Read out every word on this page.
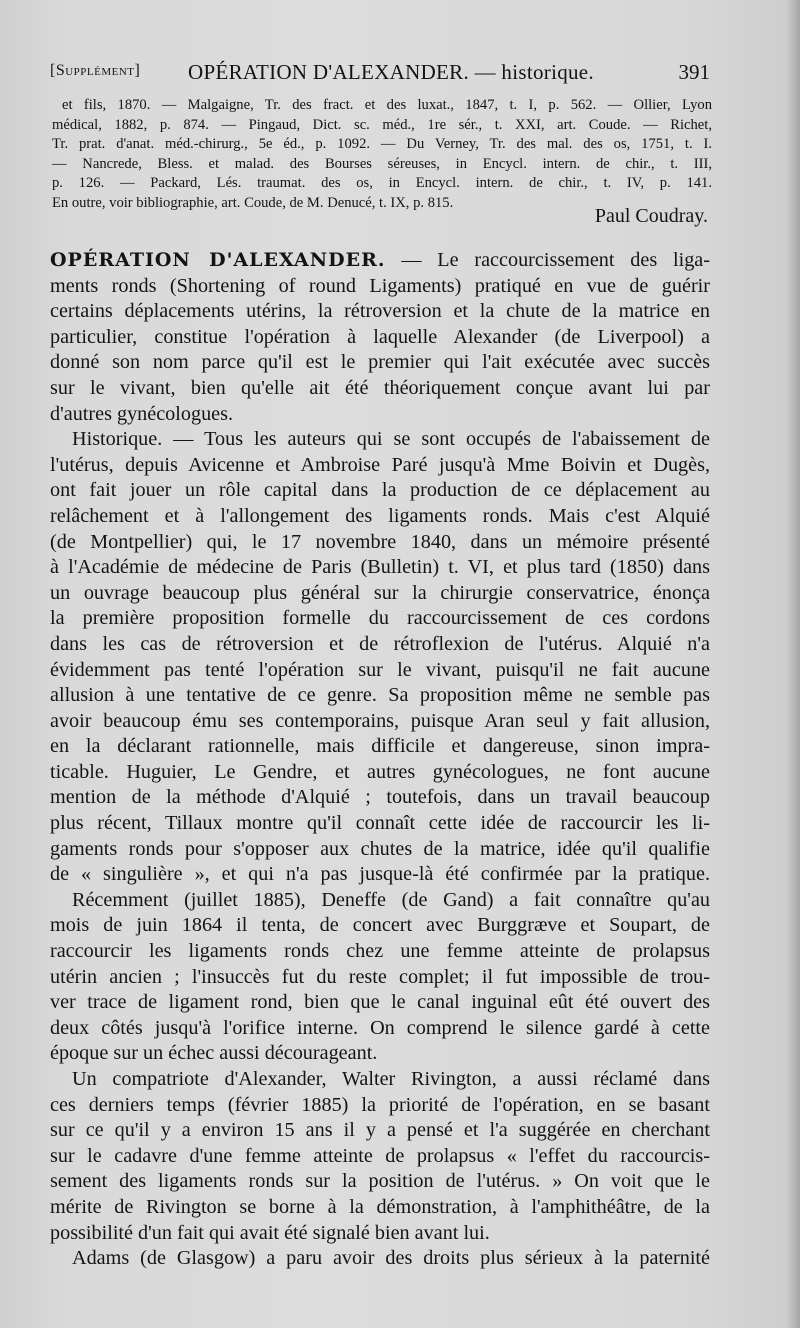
[Supplément] OPÉRATION D'ALEXANDER. — historique.	391
et fils, 1870. — Malgaigne, Tr. des fract. et des luxat., 1847, t. I, p. 562. — Ollier, Lyon
médical, 1882, p. 874. — Pingaud, Dict. sc. méd., 1re sér., t. XXI, art. Coude. — Richet,
Tr. prat. d'anat. méd.-chirurg., 5e éd., p. 1092. — Du Verney, Tr. des mal. des os, 1751, t. I.
— Nancrede, Bless. et malad. des Bourses séreuses, in Encycl. intern. de chir., t. III,
p. 126. — Packard, Lés. traumat. des os, in Encycl. intern. de chir., t. IV, p. 141.
En outre, voir bibliographie, art. Coude, de M. Denucé, t. IX, p. 815.
Paul Coudray.
OPÉRATION D'ALEXANDER. — Le raccourcissement des liga-
ments ronds (Shortening of round Ligaments) pratiqué en vue de guérir
certains déplacements utérins, la rétroversion et la chute de la matrice en
particulier, constitue l'opération à laquelle Alexander (de Liverpool) a
donné son nom parce qu'il est le premier qui l'ait exécutée avec succès
sur le vivant, bien qu'elle ait été théoriquement conçue avant lui par
d'autres gynécologues.
Historique. — Tous les auteurs qui se sont occupés de l'abaissement de
l'utérus, depuis Avicenne et Ambroise Paré jusqu'à Mme Boivin et Dugès,
ont fait jouer un rôle capital dans la production de ce déplacement au
relâchement et à l'allongement des ligaments ronds. Mais c'est Alquié
(de Montpellier) qui, le 17 novembre 1840, dans un mémoire présenté
à l'Académie de médecine de Paris (Bulletin) t. VI, et plus tard (1850) dans
un ouvrage beaucoup plus général sur la chirurgie conservatrice, énonça
la première proposition formelle du raccourcissement de ces cordons
dans les cas de rétroversion et de rétroflexion de l'utérus. Alquié n'a
évidemment pas tenté l'opération sur le vivant, puisqu'il ne fait aucune
allusion à une tentative de ce genre. Sa proposition même ne semble pas
avoir beaucoup ému ses contemporains, puisque Aran seul y fait allusion,
en la déclarant rationnelle, mais difficile et dangereuse, sinon impra-
ticable. Huguier, Le Gendre, et autres gynécologues, ne font aucune
mention de la méthode d'Alquié ; toutefois, dans un travail beaucoup
plus récent, Tillaux montre qu'il connaît cette idée de raccourcir les li-
gaments ronds pour s'opposer aux chutes de la matrice, idée qu'il qualifie
de « singulière », et qui n'a pas jusque-là été confirmée par la pratique.
Récemment (juillet 1885), Deneffe (de Gand) a fait connaître qu'au
mois de juin 1864 il tenta, de concert avec Burggræve et Soupart, de
raccourcir les ligaments ronds chez une femme atteinte de prolapsus
utérin ancien ; l'insuccès fut du reste complet; il fut impossible de trou-
ver trace de ligament rond, bien que le canal inguinal eût été ouvert des
deux côtés jusqu'à l'orifice interne. On comprend le silence gardé à cette
époque sur un échec aussi décourageant.
Un compatriote d'Alexander, Walter Rivington, a aussi réclamé dans
ces derniers temps (février 1885) la priorité de l'opération, en se basant
sur ce qu'il y a environ 15 ans il y a pensé et l'a suggérée en cherchant
sur le cadavre d'une femme atteinte de prolapsus « l'effet du raccourcis-
sement des ligaments ronds sur la position de l'utérus. » On voit que le
mérite de Rivington se borne à la démonstration, à l'amphithéâtre, de la
possibilité d'un fait qui avait été signalé bien avant lui.
Adams (de Glasgow) a paru avoir des droits plus sérieux à la paternité
